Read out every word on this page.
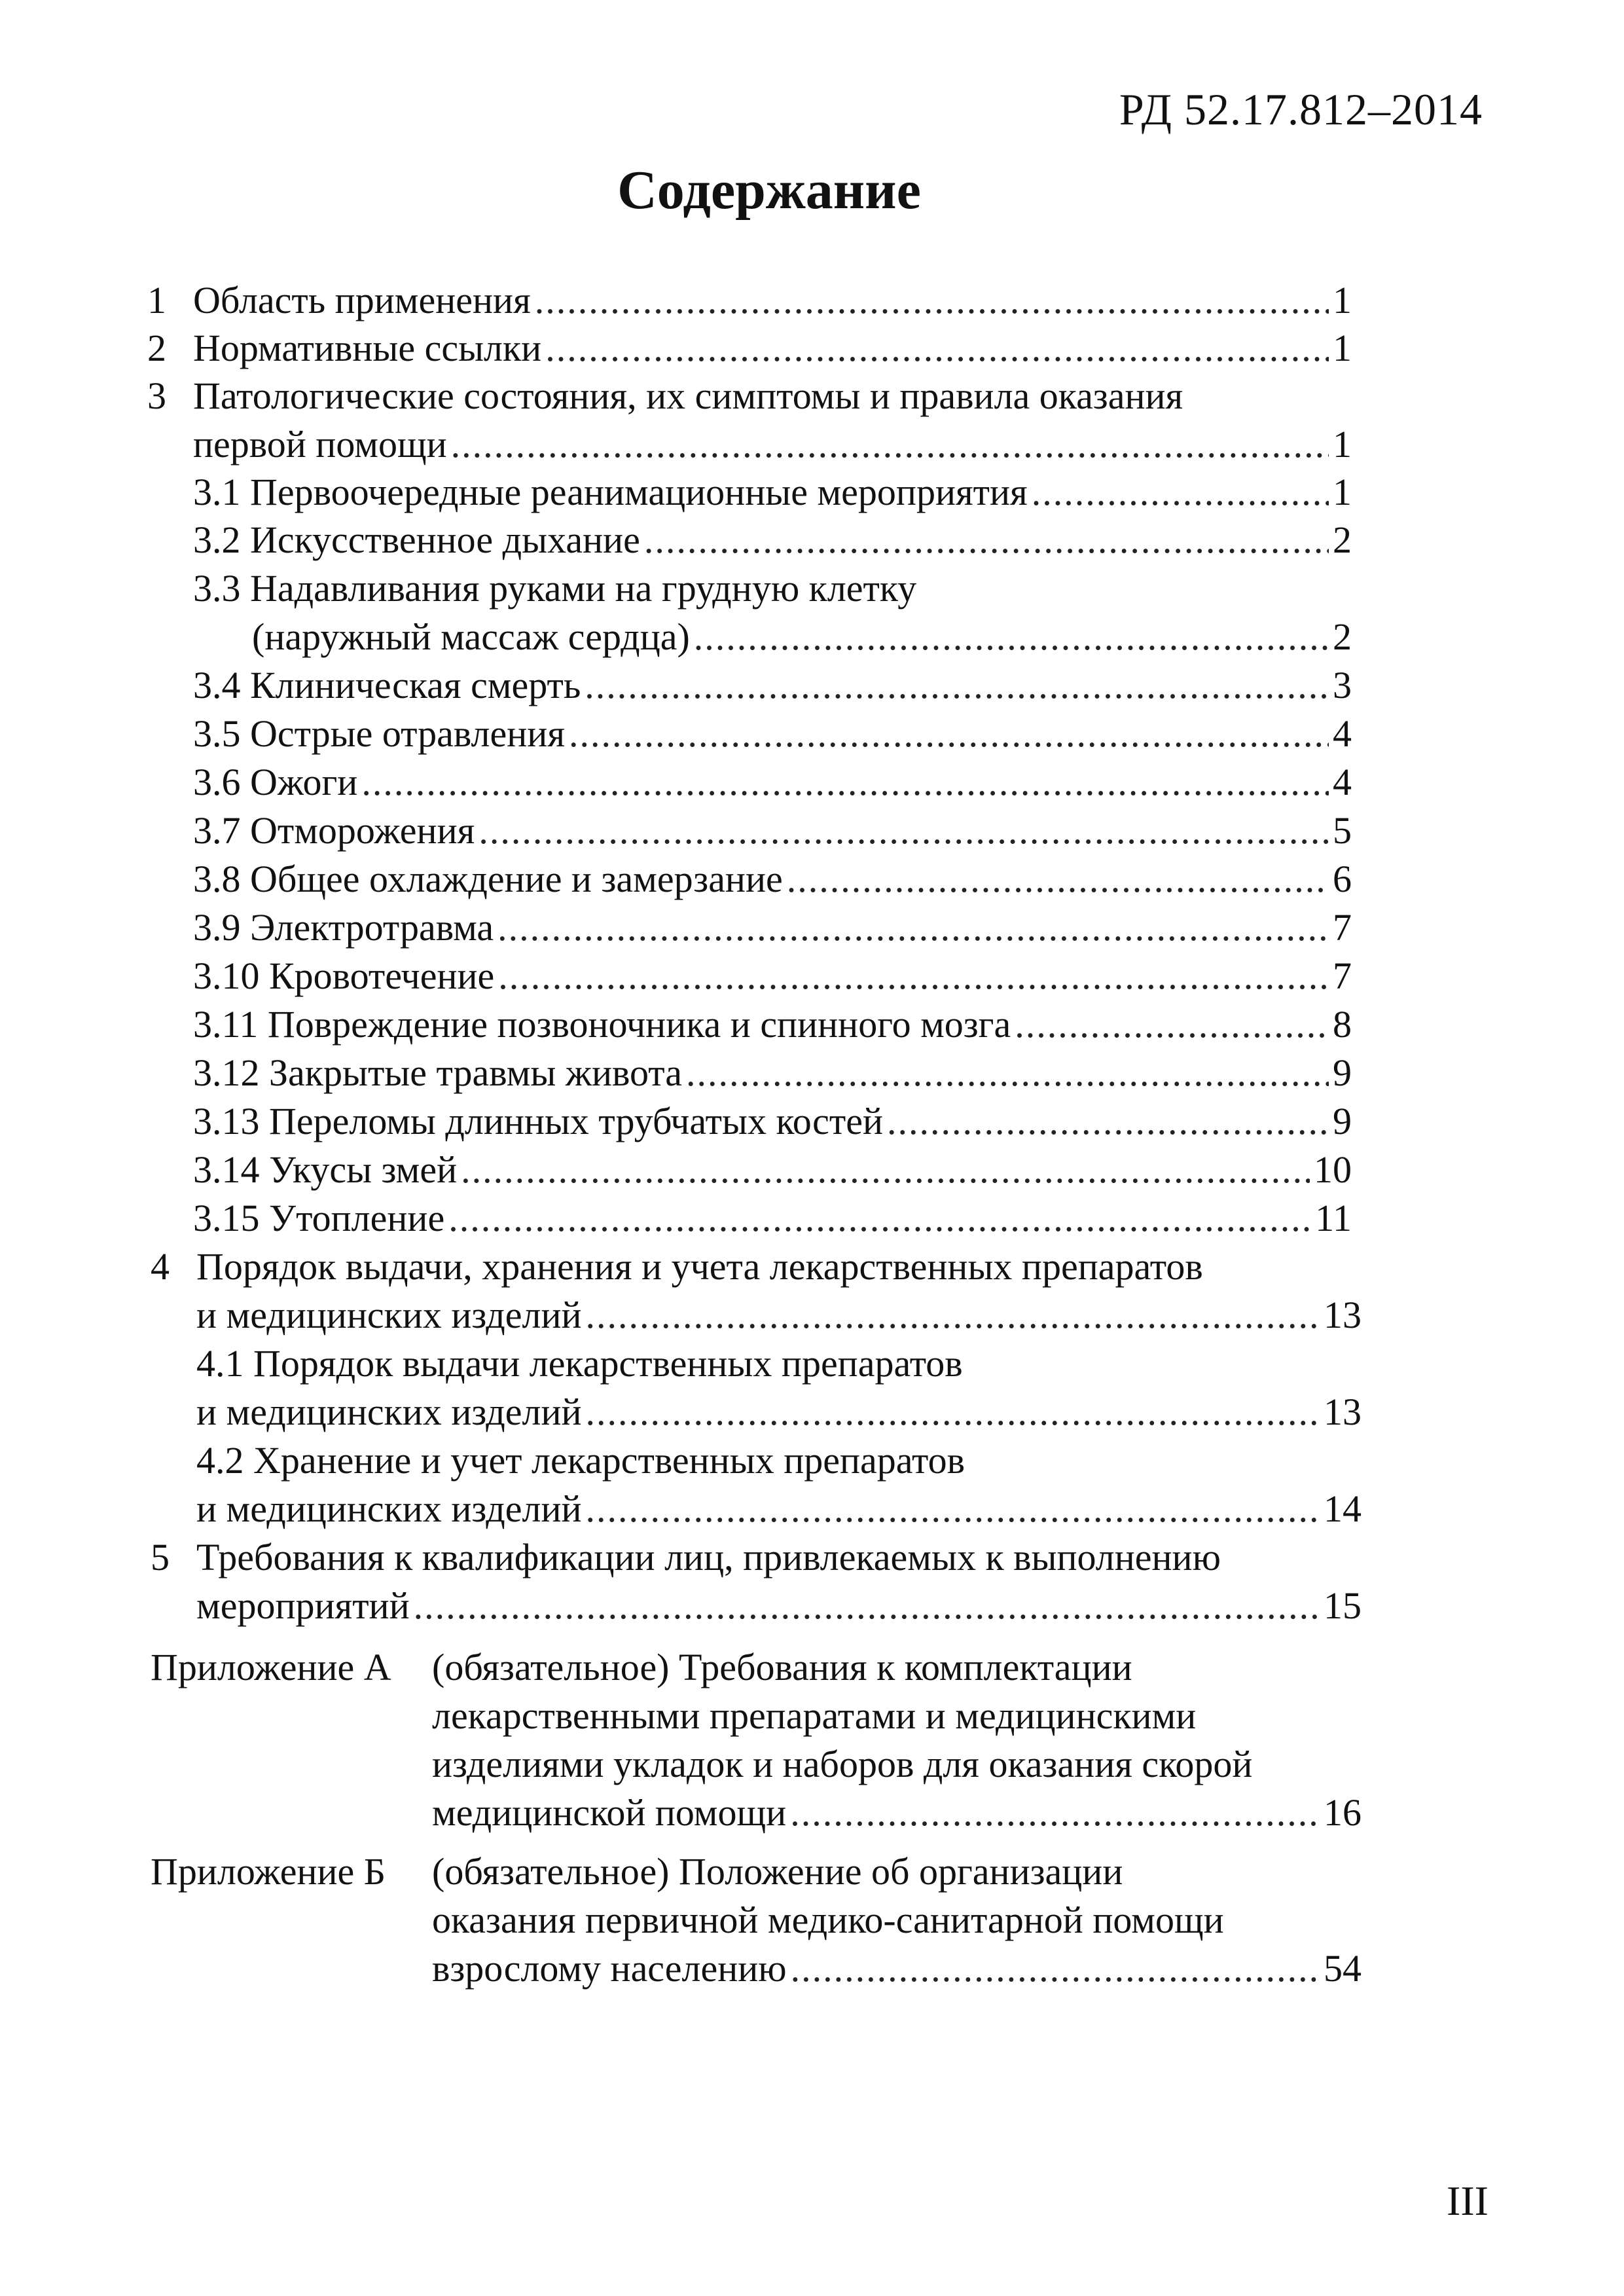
РД 52.17.812–2014
Содержание
1 Область применения .....	1
2 Нормативные ссылки .....	1
3 Патологические состояния, их симптомы и правила оказания
первой помощи .....	1
3.1 Первоочередные реанимационные мероприятия .....	1
3.2 Искусственное дыхание .....	2
3.3 Надавливания руками на грудную клетку
(наружный массаж сердца) .....	2
3.4 Клиническая смерть .....	3
3.5 Острые отравления .....	4
3.6 Ожоги .....	4
3.7 Отморожения .....	5
3.8 Общее охлаждение и замерзание .....	6
3.9 Электротравма .....	7
3.10 Кровотечение .....	7
3.11 Повреждение позвоночника и спинного мозга .....	8
3.12 Закрытые травмы живота .....	9
3.13 Переломы длинных трубчатых костей .....	9
3.14 Укусы змей .....	10
3.15 Утопление .....	11
4 Порядок выдачи, хранения и учета лекарственных препаратов
и медицинских изделий .....	13
4.1 Порядок выдачи лекарственных препаратов
и медицинских изделий .....	13
4.2 Хранение и учет лекарственных препаратов
и медицинских изделий .....	14
5 Требования к квалификации лиц, привлекаемых к выполнению
мероприятий .....	15
Приложение А (обязательное) Требования к комплектации
лекарственными препаратами и медицинскими
изделиями укладок и наборов для оказания скорой
медицинской помощи .....	16
Приложение Б (обязательное) Положение об организации
оказания первичной медико-санитарной помощи
взрослому населению .....	54
III
